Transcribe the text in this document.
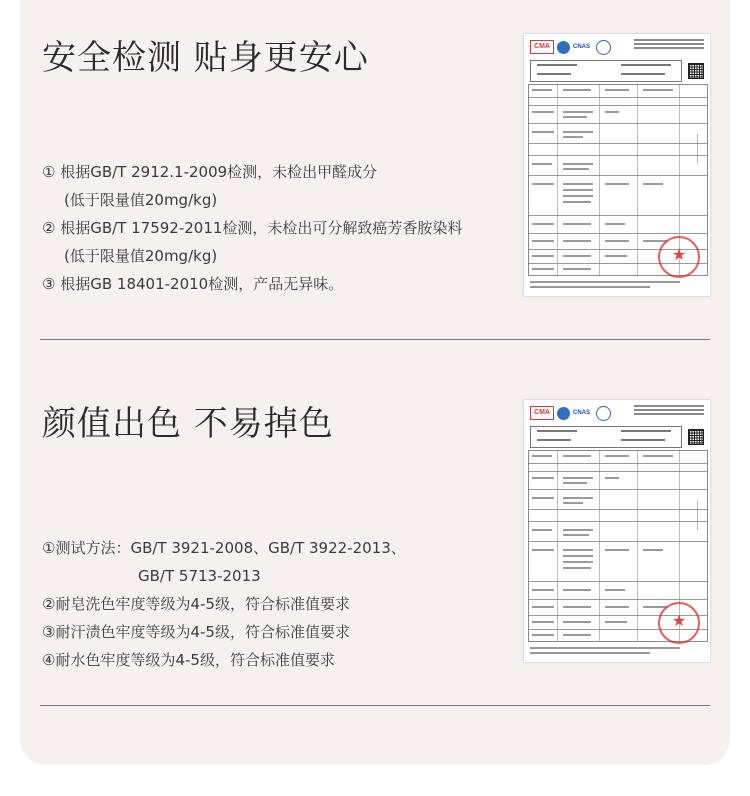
安全检测 贴身更安心
① 根据GB/T 2912.1-2009检测，未检出甲醛成分
(低于限量值20mg/kg)
② 根据GB/T 17592-2011检测，未检出可分解致癌芳香胺染料
(低于限量值20mg/kg)
③ 根据GB 18401-2010检测，产品无异味。
CMA	CNAS
★
颜值出色 不易掉色
①测试方法：GB/T 3921-2008、GB/T 3922-2013、
GB/T 5713-2013
②耐皂洗色牢度等级为4-5级，符合标准值要求
③耐汗渍色牢度等级为4-5级，符合标准值要求
④耐水色牢度等级为4-5级，符合标准值要求
CMA	CNAS
★
